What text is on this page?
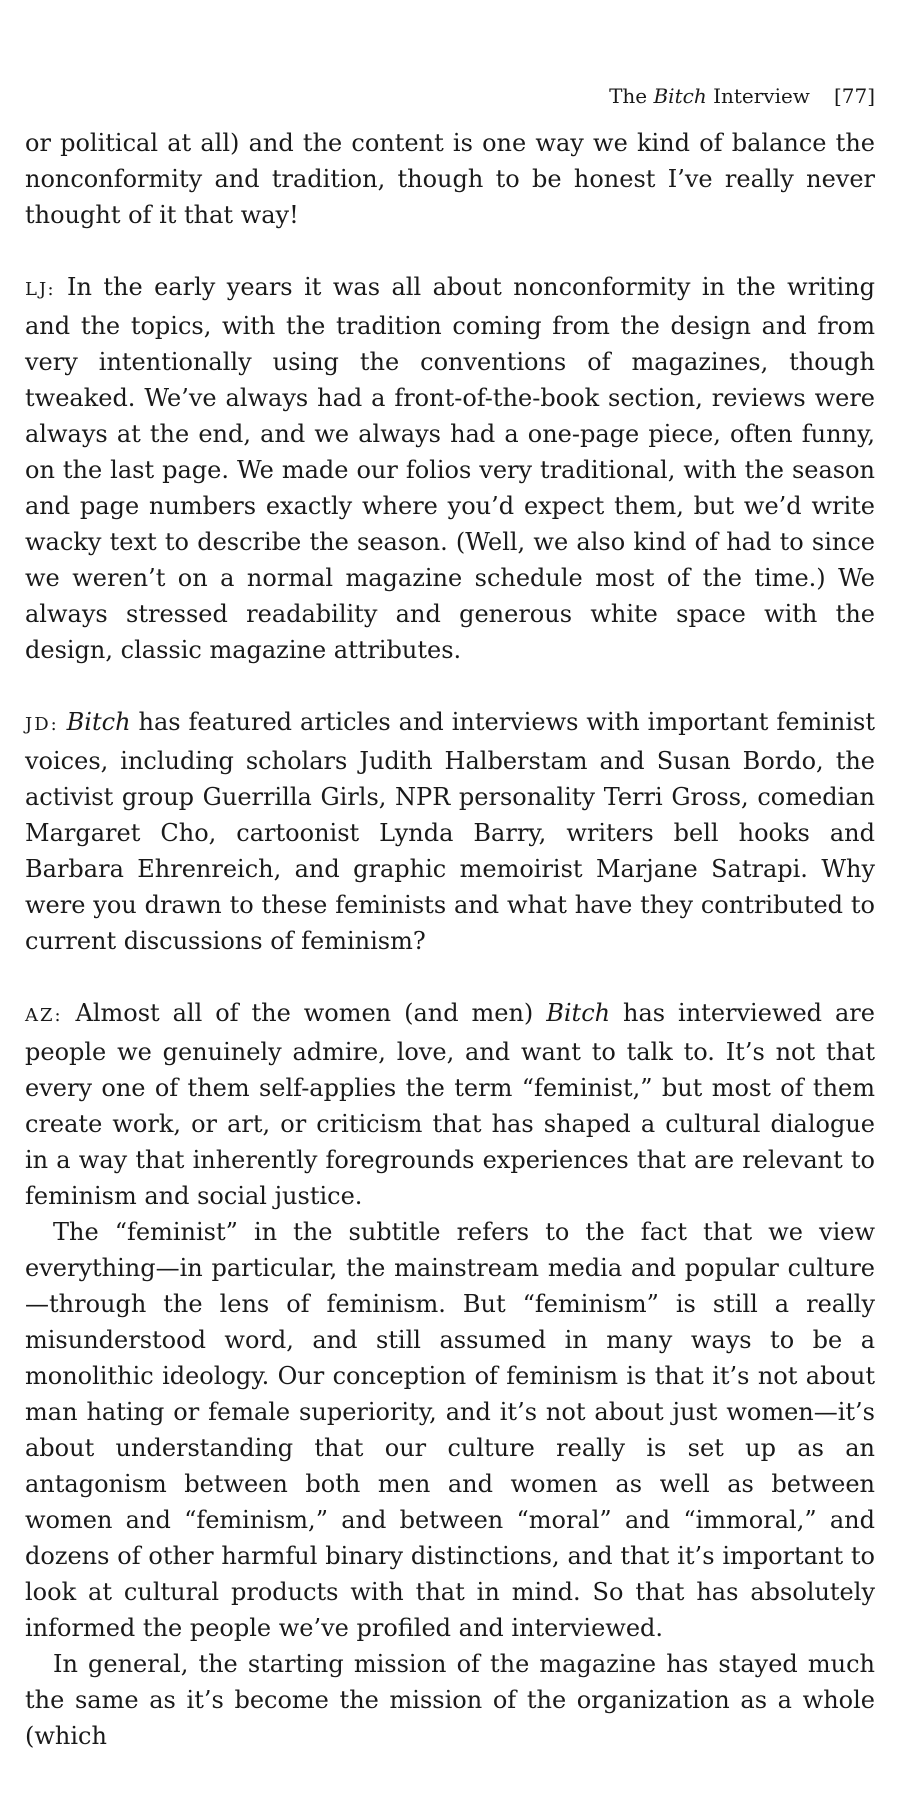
The Bitch Interview [77]

or political at all) and the content is one way we kind of balance the nonconformity and tradition, though to be honest I’ve really never thought of it that way!

LJ: In the early years it was all about nonconformity in the writing and the topics, with the tradition coming from the design and from very intentionally using the conventions of magazines, though tweaked. We’ve always had a front-of-the-book section, reviews were always at the end, and we always had a one-page piece, often funny, on the last page. We made our folios very traditional, with the season and page numbers exactly where you’d expect them, but we’d write wacky text to describe the season. (Well, we also kind of had to since we weren’t on a normal magazine schedule most of the time.) We always stressed readability and generous white space with the design, classic magazine attributes.

JD: Bitch has featured articles and interviews with important feminist voices, including scholars Judith Halberstam and Susan Bordo, the activist group Guerrilla Girls, NPR personality Terri Gross, comedian Margaret Cho, cartoonist Lynda Barry, writers bell hooks and Barbara Ehrenreich, and graphic memoirist Marjane Satrapi. Why were you drawn to these feminists and what have they contributed to current discussions of feminism?

AZ: Almost all of the women (and men) Bitch has interviewed are people we genuinely admire, love, and want to talk to. It’s not that every one of them self-applies the term “feminist,” but most of them create work, or art, or criticism that has shaped a cultural dialogue in a way that inherently foregrounds experiences that are relevant to feminism and social justice.

The “feminist” in the subtitle refers to the fact that we view everything—in particular, the mainstream media and popular culture—through the lens of feminism. But “feminism” is still a really misunderstood word, and still assumed in many ways to be a monolithic ideology. Our conception of feminism is that it’s not about man hating or female superiority, and it’s not about just women—it’s about understanding that our culture really is set up as an antagonism between both men and women as well as between women and “feminism,” and between “moral” and “immoral,” and dozens of other harmful binary distinctions, and that it’s important to look at cultural products with that in mind. So that has absolutely informed the people we’ve profiled and interviewed.

In general, the starting mission of the magazine has stayed much the same as it’s become the mission of the organization as a whole (which
